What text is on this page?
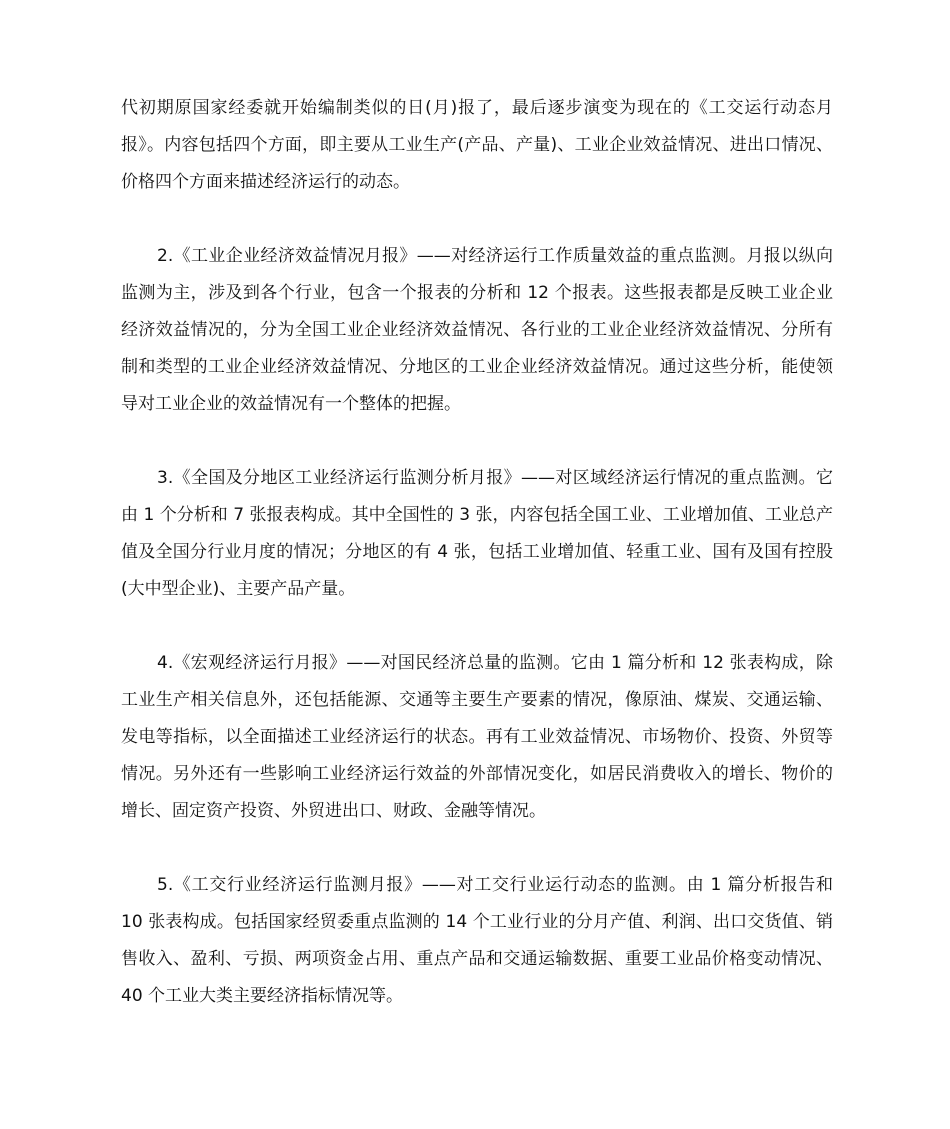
代初期原国家经委就开始编制类似的日(月)报了，最后逐步演变为现在的《工交运行动态月报》。内容包括四个方面，即主要从工业生产(产品、产量)、工业企业效益情况、进出口情况、价格四个方面来描述经济运行的动态。

2.《工业企业经济效益情况月报》——对经济运行工作质量效益的重点监测。月报以纵向监测为主，涉及到各个行业，包含一个报表的分析和 12 个报表。这些报表都是反映工业企业经济效益情况的，分为全国工业企业经济效益情况、各行业的工业企业经济效益情况、分所有制和类型的工业企业经济效益情况、分地区的工业企业经济效益情况。通过这些分析，能使领导对工业企业的效益情况有一个整体的把握。

3.《全国及分地区工业经济运行监测分析月报》——对区域经济运行情况的重点监测。它由 1 个分析和 7 张报表构成。其中全国性的 3 张，内容包括全国工业、工业增加值、工业总产值及全国分行业月度的情况；分地区的有 4 张，包括工业增加值、轻重工业、国有及国有控股(大中型企业)、主要产品产量。

4.《宏观经济运行月报》——对国民经济总量的监测。它由 1 篇分析和 12 张表构成，除工业生产相关信息外，还包括能源、交通等主要生产要素的情况，像原油、煤炭、交通运输、发电等指标，以全面描述工业经济运行的状态。再有工业效益情况、市场物价、投资、外贸等情况。另外还有一些影响工业经济运行效益的外部情况变化，如居民消费收入的增长、物价的增长、固定资产投资、外贸进出口、财政、金融等情况。

5.《工交行业经济运行监测月报》——对工交行业运行动态的监测。由 1 篇分析报告和 10 张表构成。包括国家经贸委重点监测的 14 个工业行业的分月产值、利润、出口交货值、销售收入、盈利、亏损、两项资金占用、重点产品和交通运输数据、重要工业品价格变动情况、40 个工业大类主要经济指标情况等。
